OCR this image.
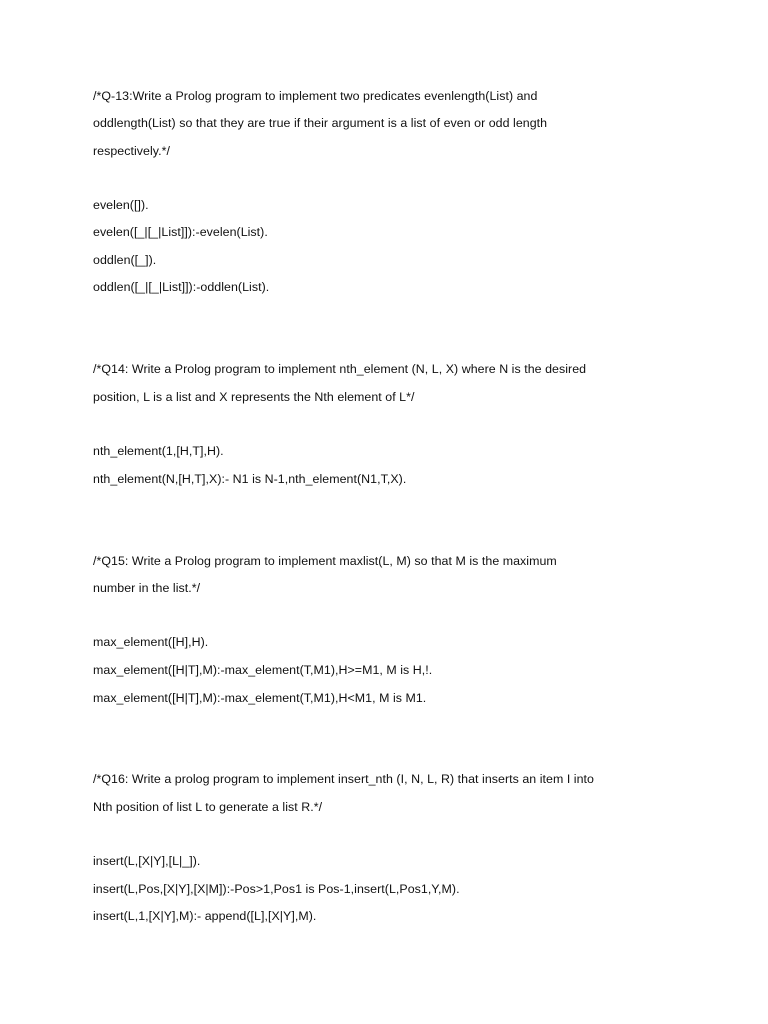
/*Q-13:Write a Prolog program to implement two predicates evenlength(List) and
oddlength(List) so that they are true if their argument is a list of even or odd length
respectively.*/
evelen([]).
evelen([_|[_|List]]):-evelen(List).
oddlen([_]).
oddlen([_|[_|List]]):-oddlen(List).
/*Q14: Write a Prolog program to implement nth_element (N, L, X) where N is the desired
position, L is a list and X represents the Nth element of L*/
nth_element(1,[H,T],H).
nth_element(N,[H,T],X):- N1 is N-1,nth_element(N1,T,X).
/*Q15: Write a Prolog program to implement maxlist(L, M) so that M is the maximum
number in the list.*/
max_element([H],H).
max_element([H|T],M):-max_element(T,M1),H>=M1, M is H,!.
max_element([H|T],M):-max_element(T,M1),H<M1, M is M1.
/*Q16: Write a prolog program to implement insert_nth (I, N, L, R) that inserts an item I into
Nth position of list L to generate a list R.*/
insert(L,[X|Y],[L|_]).
insert(L,Pos,[X|Y],[X|M]):-Pos>1,Pos1 is Pos-1,insert(L,Pos1,Y,M).
insert(L,1,[X|Y],M):- append([L],[X|Y],M).
